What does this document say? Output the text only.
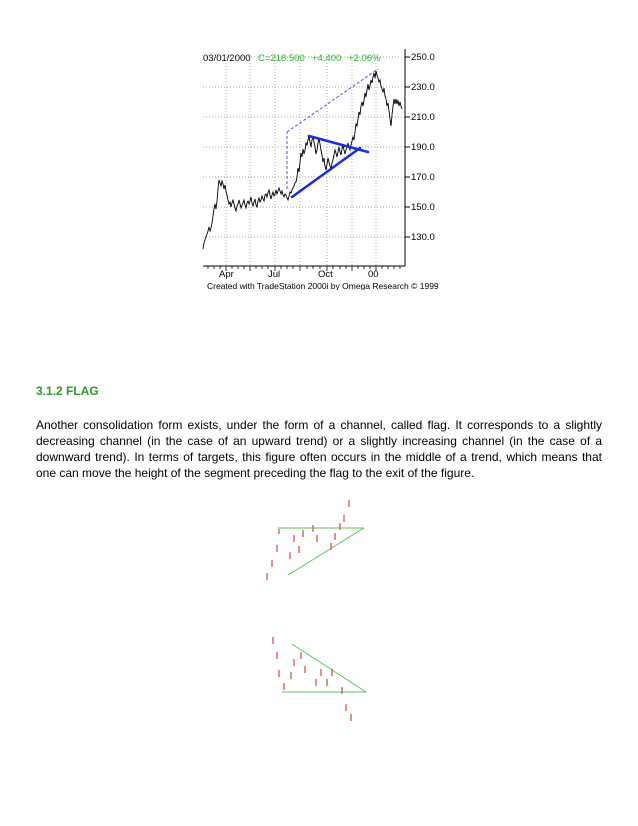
03/01/2000 C=218.500 +4.400 +2.06%	250.0
230.0
210.0
190.0
170.0
150.0
130.0
Apr	Jul	Oct	00
Created with TradeStation 2000i by Omega Research © 1999
3.1.2 FLAG
Another consolidation form exists, under the form of a channel, called flag. It corresponds to a slightly decreasing channel (in the case of an upward trend) or a slightly increasing channel (in the case of a downward trend). In terms of targets, this figure often occurs in the middle of a trend, which means that one can move the height of the segment preceding the flag to the exit of the figure.
